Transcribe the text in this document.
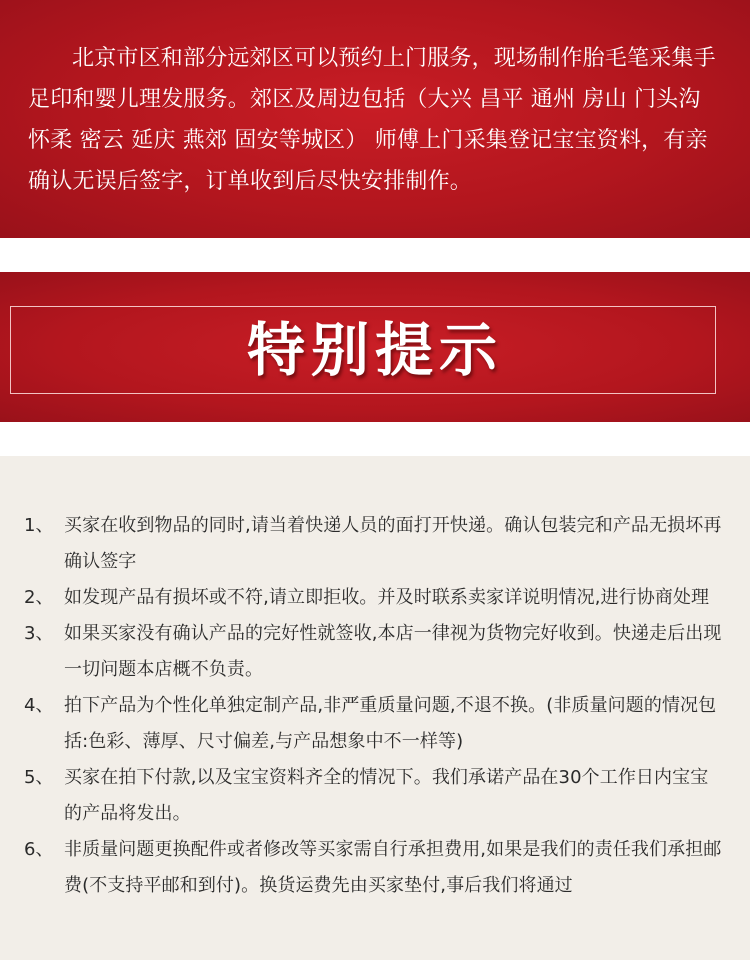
北京市区和部分远郊区可以预约上门服务，现场制作胎毛笔采集手足印和婴儿理发服务。郊区及周边包括（大兴 昌平 通州 房山 门头沟 怀柔 密云 延庆 燕郊 固安等城区） 师傅上门采集登记宝宝资料，有亲确认无误后签字，订单收到后尽快安排制作。

特别提示
1、 买家在收到物品的同时,请当着快递人员的面打开快递。确认包装完和产品无损坏再确认签字
2、 如发现产品有损坏或不符,请立即拒收。并及时联系卖家详说明情况,进行协商处理
3、 如果买家没有确认产品的完好性就签收,本店一律视为货物完好收到。快递走后出现一切问题本店概不负责。
4、 拍下产品为个性化单独定制产品,非严重质量问题,不退不换。(非质量问题的情况包括:色彩、薄厚、尺寸偏差,与产品想象中不一样等)
5、 买家在拍下付款,以及宝宝资料齐全的情况下。我们承诺产品在30个工作日内宝宝的产品将发出。
6、 非质量问题更换配件或者修改等买家需自行承担费用,如果是我们的责任我们承担邮费(不支持平邮和到付)。换货运费先由买家垫付,事后我们将通过
